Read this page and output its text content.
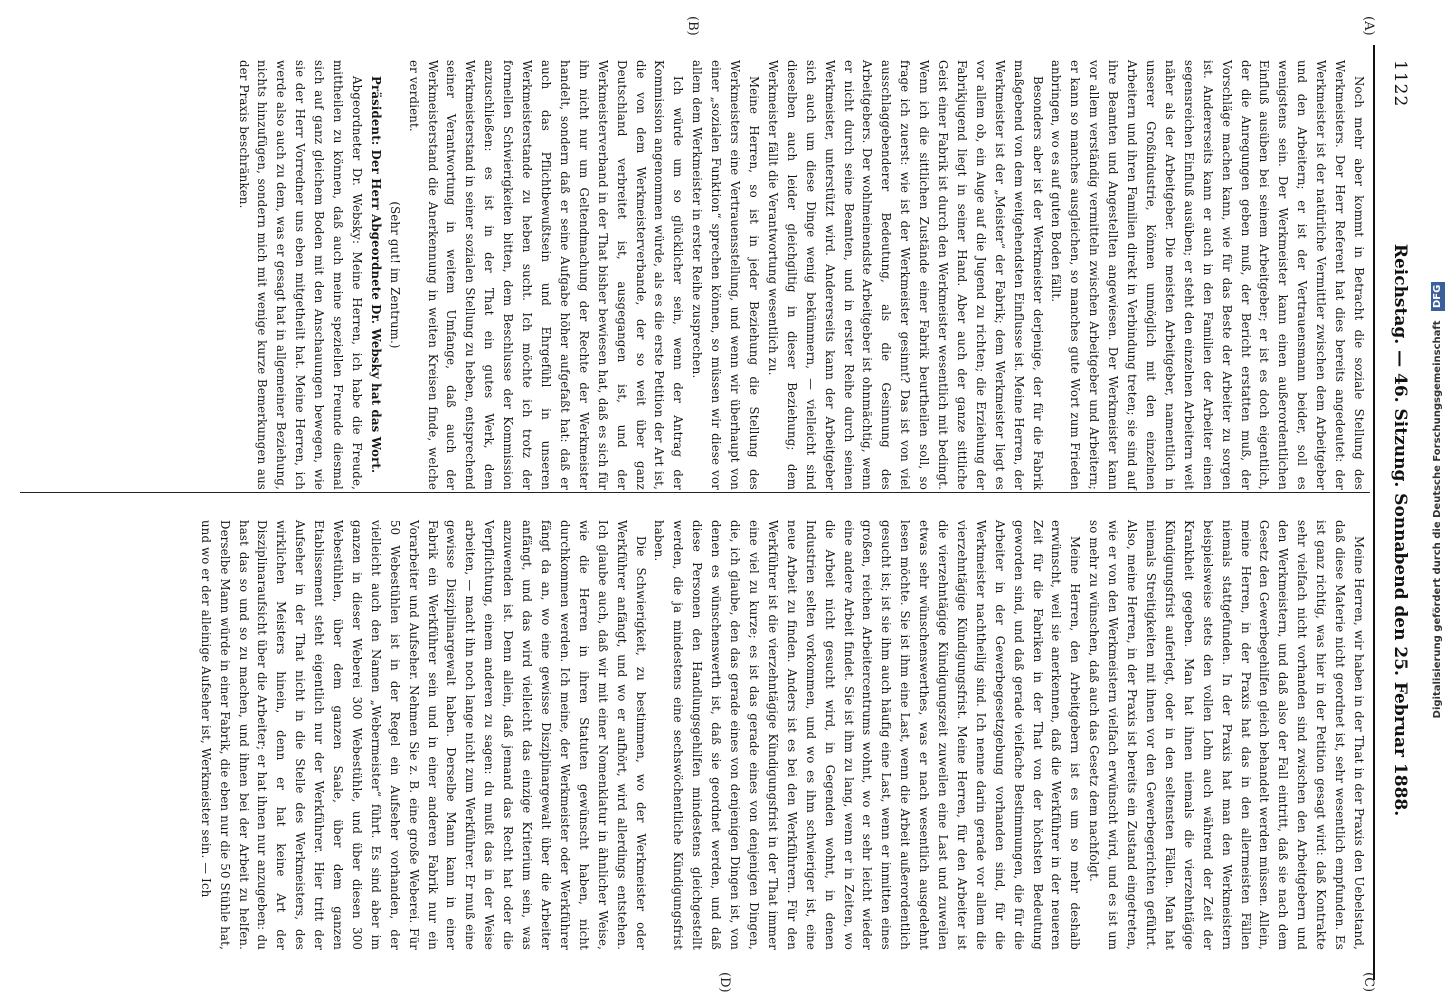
1122
Reichstag. — 46. Sitzung. Sonnabend den 25. Februar 1888.
(A)
(B)
(C)
(D)

Noch mehr aber kommt in Betracht die soziale Stellung des Werkmeisters. Der Herr Referent hat dies bereits angedeutet: der Werkmeister ist der natürliche Vermittler zwischen dem Arbeitgeber und den Arbeitern; er ist der Vertrauensmann beider, soll es wenigstens sein. Der Werkmeister kann einen außerordentlichen Einfluß ausüben bei seinem Arbeitgeber; er ist es doch eigentlich, der die Anregungen geben muß, der Bericht erstatten muß, der Vorschläge machen kann, wie für das Beste der Arbeiter zu sorgen ist. Andererseits kann er auch in den Familien der Arbeiter einen segensreichen Einfluß ausüben; er steht den einzelnen Arbeitern weit näher als der Arbeitgeber. Die meisten Arbeitgeber, namentlich in unserer Großindustrie, können unmöglich mit den einzelnen Arbeitern und ihren Familien direkt in Verbindung treten; sie sind auf ihre Beamten und Angestellten angewiesen. Der Werkmeister kann vor allem verständig vermitteln zwischen Arbeitgeber und Arbeitern; er kann so manches ausgleichen, so manches gute Wort zum Frieden anbringen, wo es auf guten Boden fällt.

Besonders aber ist der Werkmeister derjenige, der für die Fabrik maßgebend von dem weitgehendsten Einflusse ist. Meine Herren, der Werkmeister ist der „Meister“ der Fabrik; dem Werkmeister liegt es vor allem ob, ein Auge auf die Jugend zu richten; die Erziehung der Fabrikjugend liegt in seiner Hand. Aber auch der ganze sittliche Geist einer Fabrik ist durch den Werkmeister wesentlich mit bedingt. Wenn ich die sittlichen Zustände einer Fabrik beurtheilen soll, so frage ich zuerst: wie ist der Werkmeister gesinnt? Das ist von viel ausschlaggebenderer Bedeutung, als die Gesinnung des Arbeitgebers. Der wohlmeinendste Arbeitgeber ist ohnmächtig, wenn er nicht durch seine Beamten, und in erster Reihe durch seinen Werkmeister, unterstützt wird. Andererseits kann der Arbeitgeber sich auch um diese Dinge wenig bekümmern, — vielleicht sind dieselben auch leider gleichgiltig in dieser Beziehung; dem Werkmeister fällt die Verantwortung wesentlich zu.

Meine Herren, so ist in jeder Beziehung die Stellung des Werkmeisters eine Vertrauensstellung, und wenn wir überhaupt von einer „sozialen Funktion“ sprechen können, so müssen wir diese vor allem dem Werkmeister in erster Reihe zusprechen.

Ich würde um so glücklicher sein, wenn der Antrag der Kommission angenommen würde, als es die erste Petition der Art ist, die von dem Werkmeisterverbande, der so weit über ganz Deutschland verbreitet ist, ausgegangen ist, und der Werkmeisterverband in der That bisher bewiesen hat, daß es sich für ihn nicht nur um Geltendmachung der Rechte der Werkmeister handelt, sondern daß er seine Aufgabe höher aufgefaßt hat: daß er auch das Pflichtbewußtsein und Ehrgefühl in unseren Werkmeisterstande zu heben sucht. Ich möchte ich trotz der formellen Schwierigkeiten bitten, dem Beschlusse der Kommission anzuschließen: es ist in der That ein gutes Werk, dem Werkmeisterstand in seiner sozialen Stellung zu heben, entsprechend seiner Verantwortung in weitem Umfange, daß auch der Werkmeisterstand die Anerkennung in weiten Kreisen finde, welche er verdient.

(Sehr gut! im Zentrum.)

Präsident: Der Herr Abgeordnete Dr. Websky hat das Wort.

Abgeordneter Dr. Websky: Meine Herren, ich habe die Freude, mittheilen zu können, daß auch meine speziellen Freunde diesmal sich auf ganz gleichem Boden mit den Anschauungen bewegen, wie sie der Herr Vorredner uns eben mitgetheilt hat. Meine Herren, ich werde also auch zu dem, was er gesagt hat in allgemeiner Beziehung, nichts hinzufügen, sondern mich mit wenige kurze Bemerkungen aus der Praxis beschränken.

Meine Herren, wir haben in der That in der Praxis den Uebelstand, daß diese Materie nicht geordnet ist, sehr wesentlich empfunden. Es ist ganz richtig, was hier in der Petition gesagt wird: daß Kontrakte sehr vielfach nicht vorhanden sind zwischen den Arbeitgebern und den Werkmeistern, und daß also der Fall eintritt, daß sie nach dem Gesetz den Gewerbegehilfen gleich behandelt werden müssen. Allein, meine Herren, in der Praxis hat das in den allermeisten Fällen niemals stattgefunden. In der Praxis hat man den Werkmeistern beispielsweise stets den vollen Lohn auch während der Zeit der Krankheit gegeben. Man hat ihnen niemals die vierzehntägige Kündigungsfrist auferlegt, oder in den seltensten Fällen. Man hat niemals Streitigkeiten mit ihnen vor den Gewerbegerichten geführt. Also, meine Herren, in der Praxis ist bereits ein Zustand eingetreten, wie er von den Werkmeistern vielfach erwünscht wird, und es ist um so mehr zu wünschen, daß auch das Gesetz dem nachfolgt.

Meine Herren, den Arbeitgebern ist es um so mehr deshalb erwünscht, weil sie anerkennen, daß die Werkführer in der neueren Zeit für die Fabriken in der That von der höchsten Bedeutung geworden sind, und daß gerade vielfache Bestimmungen, die für die Arbeiter in der Gewerbegesetzgebung vorhanden sind, für die Werkmeister nachtheilig sind. Ich nenne darin gerade vor allem die vierzehntägige Kündigungsfrist. Meine Herren, für den Arbeiter ist die vierzehntägige Kündigungszeit zuweilen eine Last und zuweilen etwas sehr wünschenswerthes, was er nach wesentlich ausgedehnt lesen möchte. Sie ist ihm eine Last, wenn die Arbeit außerordentlich gesucht ist; ist sie ihm auch häufig eine Last, wenn er inmitten eines großen, reichen Arbeitercentrums wohnt, wo er sehr leicht wieder eine andere Arbeit findet. Sie ist ihm zu lang, wenn er in Zeiten, wo die Arbeit nicht gesucht wird, in Gegenden wohnt, in denen Industrien selten vorkommen, und wo es ihm schwieriger ist, eine neue Arbeit zu finden. Anders ist es bei den Werkführern. Für den Werkführer ist die vierzehntägige Kündigungsfrist in der That immer eine viel zu kurze; es ist das gerade eines von denjenigen Dingen, die, ich glaube, den das gerade eines von denjenigen Dingen ist, von denen es wünschenswerth ist, daß sie geordnet werden, und daß diese Personen den Handlungsgehilfen mindestens gleichgestellt werden, die ja mindestens eine sechswöchentliche Kündigungsfrist haben.

Die Schwierigkeit, zu bestimmen, wo der Werkmeister oder Werkführer anfängt, und wo er aufhört, wird allerdings entstehen. Ich glaube auch, daß wir mit einer Nomenklatur in ähnlicher Weise, wie die Herren in ihren Statuten gewünscht haben, nicht durchkommen werden. Ich meine, der Werkmeister oder Werkführer fängt da an, wo eine gewisse Disziplinargewalt über die Arbeiter anfängt, und das wird vielleicht das einzige Kriterium sein, was anzuwenden ist. Denn allein, daß jemand das Recht hat oder die Verpflichtung, einem anderen zu sagen: du mußt das in der Weise arbeiten, — macht ihn noch lange nicht zum Werkführer. Er muß eine gewisse Disziplinargewalt haben. Derselbe Mann kann in einer Fabrik ein Werkführer sein und in einer anderen Fabrik nur ein Vorarbeiter und Aufseher. Nehmen Sie z. B. eine große Weberei. Für 50 Webestühlen ist in der Regel ein Aufseher vorhanden, der vielleicht auch den Namen „Webermeister“ führt. Es sind aber im ganzen in dieser Weberei 300 Webestühle, und über diesen 300 Webestühlen, über dem ganzen Saale, über dem ganzen Etablissement steht eigentlich nur der Werkführer. Hier tritt der Aufseher in der That nicht in die Stelle des Werkmeisters, des wirklichen Meisters hinein, denn er hat keine Art der Disziplinaraufsicht über die Arbeiter; er hat ihnen nur anzugeben: du hast das so und so zu machen, und ihnen bei der Arbeit zu helfen. Derselbe Mann würde in einer Fabrik, die eben nur die 50 Stühle hat, und wo er der alleinige Aufseher ist, Werkmeister sein. — Ich	Digitalisierung gefördert durch die Deutsche Forschungsgemeinschaft DFG
